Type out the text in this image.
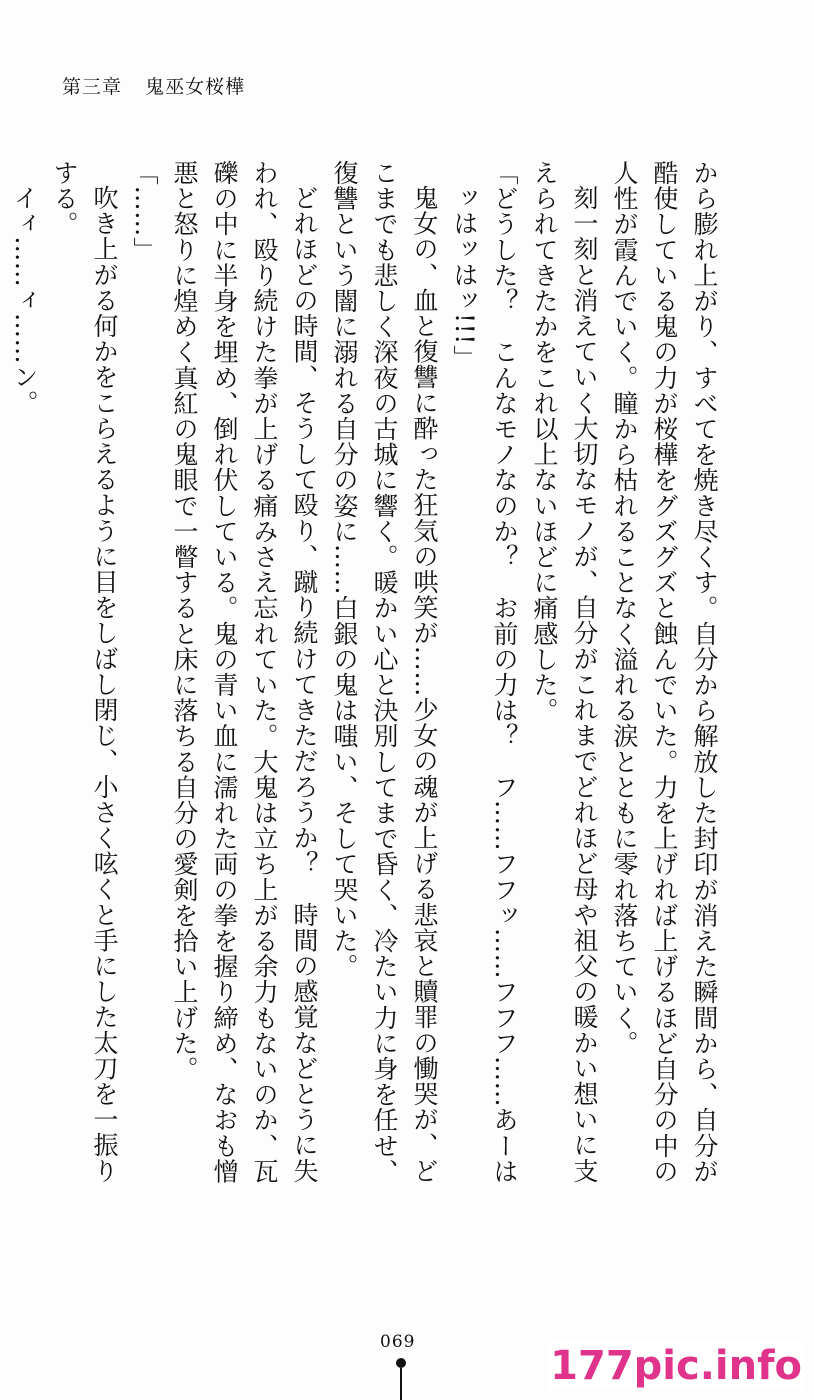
第三章 鬼巫女桜樺
から膨れ上がり、すべてを焼き尽くす。自分から解放した封印が消えた瞬間から、自分が
酷使している鬼の力が桜樺をグズグズと蝕んでいた。力を上げれば上げるほど自分の中の
人性が霞んでいく。瞳から枯れることなく溢れる涙とともに零れ落ちていく。
刻一刻と消えていく大切なモノが、自分がこれまでどれほど母や祖父の暖かい想いに支
えられてきたかをこれ以上ないほどに痛感した。
「どうした？　こんなモノなのか？　お前の力は？　フ……フフッ……フフフ……あーは
ッはッはッ!!!」
鬼女の、血と復讐に酔った狂気の哄笑が……少女の魂が上げる悲哀と贖罪の慟哭が、ど
こまでも悲しく深夜の古城に響く。暖かい心と決別してまで昏く、冷たい力に身を任せ、
復讐という闇に溺れる自分の姿に……白銀の鬼は嗤い、そして哭いた。
どれほどの時間、そうして殴り、蹴り続けてきただろうか？　時間の感覚などとうに失
われ、殴り続けた拳が上げる痛みさえ忘れていた。大鬼は立ち上がる余力もないのか、瓦
礫の中に半身を埋め、倒れ伏している。鬼の青い血に濡れた両の拳を握り締め、なおも憎
悪と怒りに煌めく真紅の鬼眼で一瞥すると床に落ちる自分の愛剣を拾い上げた。
「……」
吹き上がる何かをこらえるように目をしばし閉じ、小さく呟くと手にした太刀を一振り
する。
イィ……ィ……ン。
069
177pic.info
